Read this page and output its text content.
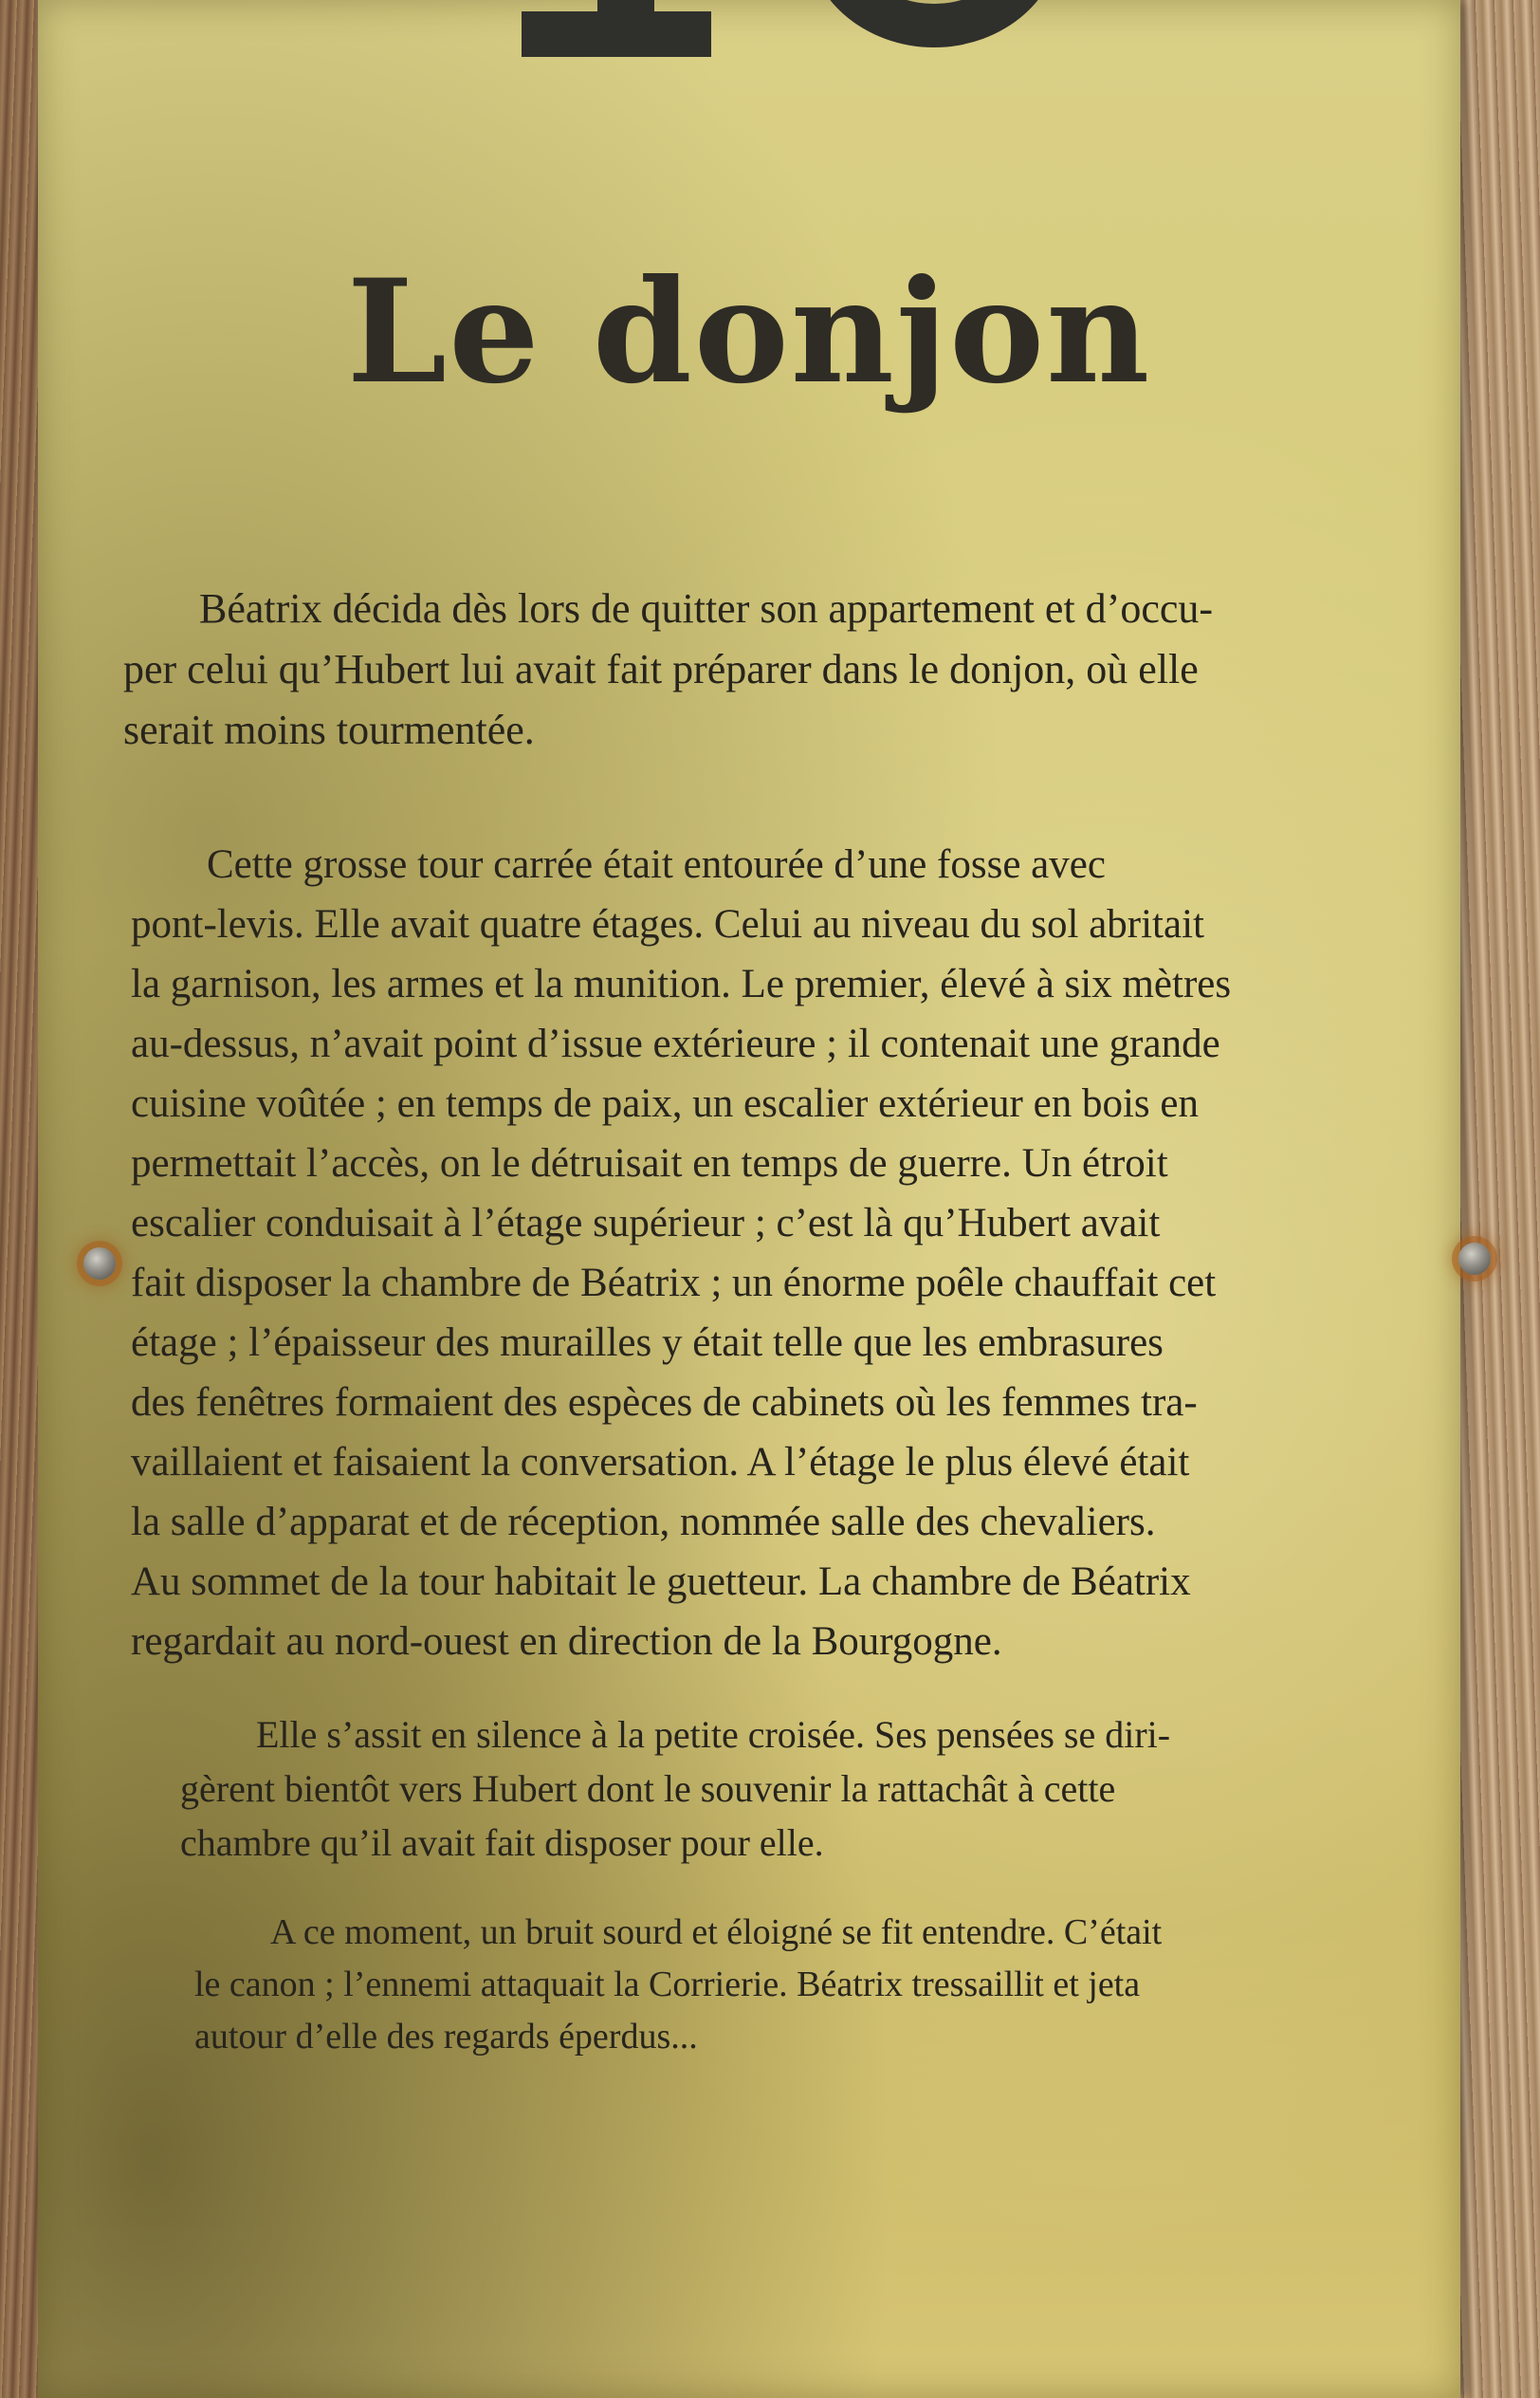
Le donjon
Béatrix décida dès lors de quitter son appartement et d’occu-
per celui qu’Hubert lui avait fait préparer dans le donjon, où elle
serait moins tourmentée.
Cette grosse tour carrée était entourée d’une fosse avec
pont-levis. Elle avait quatre étages. Celui au niveau du sol abritait
la garnison, les armes et la munition. Le premier, élevé à six mètres
au-dessus, n’avait point d’issue extérieure ; il contenait une grande
cuisine voûtée ; en temps de paix, un escalier extérieur en bois en
permettait l’accès, on le détruisait en temps de guerre. Un étroit
escalier conduisait à l’étage supérieur ; c’est là qu’Hubert avait
fait disposer la chambre de Béatrix ; un énorme poêle chauffait cet
étage ; l’épaisseur des murailles y était telle que les embrasures
des fenêtres formaient des espèces de cabinets où les femmes tra-
vaillaient et faisaient la conversation. A l’étage le plus élevé était
la salle d’apparat et de réception, nommée salle des chevaliers.
Au sommet de la tour habitait le guetteur. La chambre de Béatrix
regardait au nord-ouest en direction de la Bourgogne.
Elle s’assit en silence à la petite croisée. Ses pensées se diri-
gèrent bientôt vers Hubert dont le souvenir la rattachât à cette
chambre qu’il avait fait disposer pour elle.
A ce moment, un bruit sourd et éloigné se fit entendre. C’était
le canon ; l’ennemi attaquait la Corrierie. Béatrix tressaillit et jeta
autour d’elle des regards éperdus...
